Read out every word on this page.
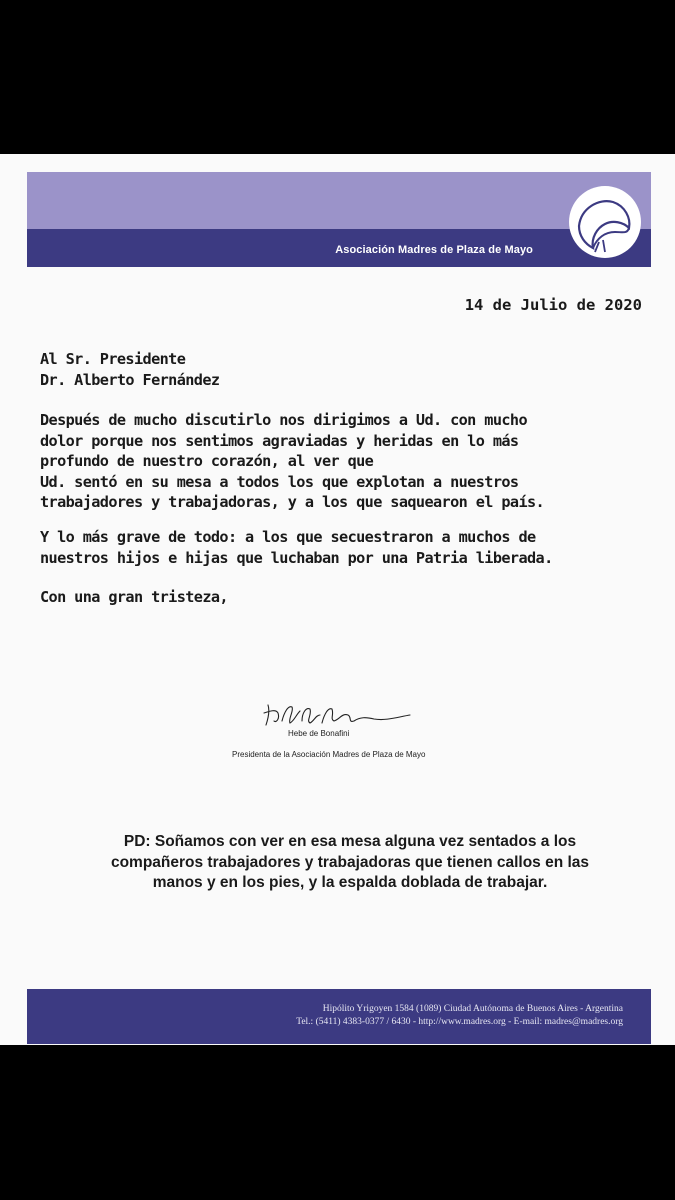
Asociación Madres de Plaza de Mayo
14 de Julio de 2020
Al Sr. Presidente
Dr. Alberto Fernández
Después de mucho discutirlo nos dirigimos a Ud. con mucho
dolor porque nos sentimos agraviadas y heridas en lo más
profundo de nuestro corazón, al ver que
Ud. sentó en su mesa a todos los que explotan a nuestros
trabajadores y trabajadoras, y a los que saquearon el país.
Y lo más grave de todo: a los que secuestraron a muchos de
nuestros hijos e hijas que luchaban por una Patria liberada.
Con una gran tristeza,
Hebe de Bonafini
Presidenta de la Asociación Madres de Plaza de Mayo
PD: Soñamos con ver en esa mesa alguna vez sentados a los
compañeros trabajadores y trabajadoras que tienen callos en las
manos y en los pies, y la espalda doblada de trabajar.
Hipólito Yrigoyen 1584 (1089) Ciudad Autónoma de Buenos Aires - Argentina
Tel.: (5411) 4383-0377 / 6430 - http://www.madres.org - E-mail: madres@madres.org
